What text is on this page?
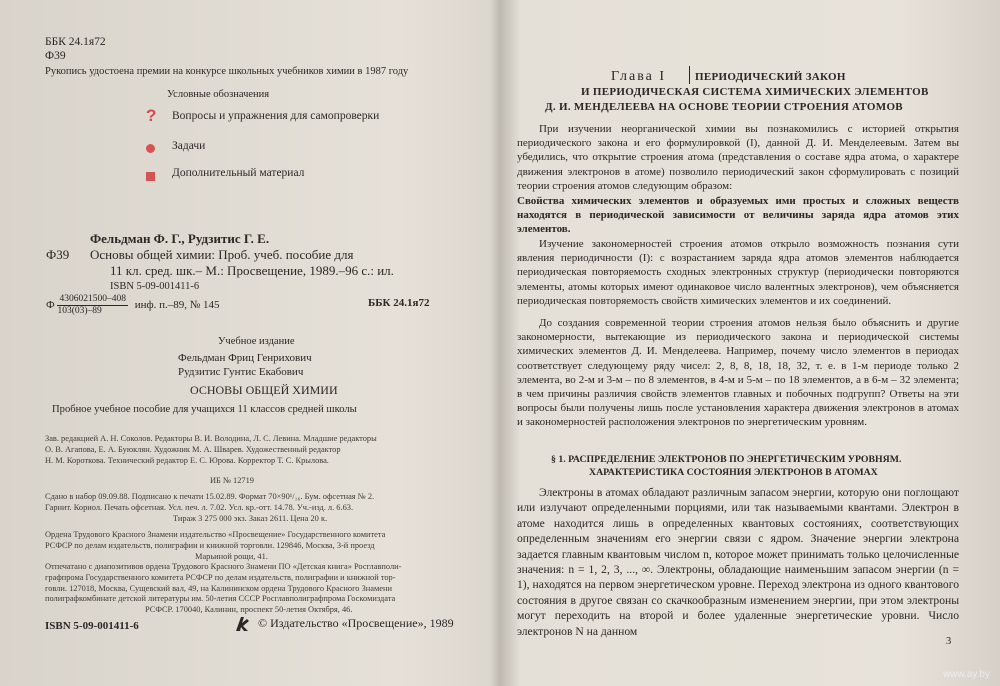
ББК 24.1я72
Ф39
Рукопись удостоена премии на конкурсе школьных учебников химии в 1987 году
Условные обозначения
? Вопросы и упражнения для самопроверки
Задачи
Дополнительный материал
Фельдман Ф. Г., Рудзитис Г. Е.
Ф39 Основы общей химии: Проб. учеб. пособие для
11 кл. сред. шк.– М.: Просвещение, 1989.–96 с.: ил.
ISBN 5-09-001411-6
Ф $\frac{4306021500-408}{103(03)-89}$ инф. п.–89, № 145	ББК 24.1я72
Учебное издание
Фельдман Фриц Генрихович
Рудзитис Гунтис Екабович
ОСНОВЫ ОБЩЕЙ ХИМИИ
Пробное учебное пособие для учащихся 11 классов средней школы
Зав. редакцией А. Н. Соколов. Редакторы В. И. Володина, Л. С. Левина. Младшие редакторы
О. В. Агапова, Е. А. Буюклян. Художник М. А. Шварев. Художественный редактор
Н. М. Короткова. Технический редактор Е. С. Юрова. Корректор Т. С. Крылова.
ИБ № 12719
Сдано в набор 09.09.88. Подписано к печати 15.02.89. Формат 70×90¹/₁₆. Бум. офсетная № 2.
Гарнит. Кориол. Печать офсетная. Усл. печ. л. 7.02. Усл. кр.-отт. 14.78. Уч.-изд. л. 6.63.
Тираж 3 275 000 экз. Заказ 2611. Цена 20 к.
Ордена Трудового Красного Знамени издательство «Просвещение» Государственного комитета
РСФСР по делам издательств, полиграфии и книжной торговли. 129846, Москва, 3-й проезд
Марьиной рощи, 41.
Отпечатано с диапозитивов ордена Трудового Красного Знамени ПО «Детская книга» Росглавполи-
графпрома Государственного комитета РСФСР по делам издательств, полиграфии и книжной тор-
говли. 127018, Москва, Сущевский вал, 49, на Калининском ордена Трудового Красного Знамени
полиграфкомбинате детской литературы им. 50-летия СССР Росглавполиграфпрома Госкомиздата
РСФСР. 170040, Калинин, проспект 50-летия Октября, 46.
ISBN 5-09-001411-6	© Издательство «Просвещение», 1989
Глава I	ПЕРИОДИЧЕСКИЙ ЗАКОН
И ПЕРИОДИЧЕСКАЯ СИСТЕМА ХИМИЧЕСКИХ ЭЛЕМЕНТОВ
Д. И. МЕНДЕЛЕЕВА НА ОСНОВЕ ТЕОРИИ СТРОЕНИЯ АТОМОВ
При изучении неорганической химии вы познакомились с историей открытия периодического закона и его формулировкой (I), данной Д. И. Менделеевым. Затем вы убедились, что открытие строения атома (представления о составе ядра атома, о характере движения электронов в атоме) позволило периодический закон сформулировать с позиций теории строения атомов следующим образом:
Свойства химических элементов и образуемых ими простых и сложных веществ находятся в периодической зависимости от величины заряда ядра атомов этих элементов.
Изучение закономерностей строения атомов открыло возможность познания сути явления периодичности (I): с возрастанием заряда ядра атомов элементов наблюдается периодическая повторяемость сходных электронных структур (периодически повторяются элементы, атомы которых имеют одинаковое число валентных электронов), чем объясняется периодическая повторяемость свойств химических элементов и их соединений.
До создания современной теории строения атомов нельзя было объяснить и другие закономерности, вытекающие из периодического закона и периодической системы химических элементов Д. И. Менделеева. Например, почему число элементов в периодах соответствует следующему ряду чисел: 2, 8, 8, 18, 18, 32, т. е. в 1-м периоде только 2 элемента, во 2-м и 3-м – по 8 элементов, в 4-м и 5-м – по 18 элементов, а в 6-м – 32 элемента; в чем причины различия свойств элементов главных и побочных подгрупп? Ответы на эти вопросы были получены лишь после установления характера движения электронов в атомах и закономерностей расположения электронов по энергетическим уровням.
§ 1. РАСПРЕДЕЛЕНИЕ ЭЛЕКТРОНОВ ПО ЭНЕРГЕТИЧЕСКИМ УРОВНЯМ.
ХАРАКТЕРИСТИКА СОСТОЯНИЯ ЭЛЕКТРОНОВ В АТОМАХ
Электроны в атомах обладают различным запасом энергии, которую они поглощают или излучают определенными порциями, или так называемыми квантами. Электрон в атоме находится лишь в определенных квантовых состояниях, соответствующих определенным значениям его энергии связи с ядром. Значение энергии электрона задается главным квантовым числом n, которое может принимать только целочисленные значения: n = 1, 2, 3, ..., ∞. Электроны, обладающие наименьшим запасом энергии (n = 1), находятся на первом энергетическом уровне. Переход электрона из одного квантового состояния в другое связан со скачкообразным изменением энергии, при этом электроны могут переходить на второй и более удаленные энергетические уровни. Число электронов N на данном
3
www.ay.by
